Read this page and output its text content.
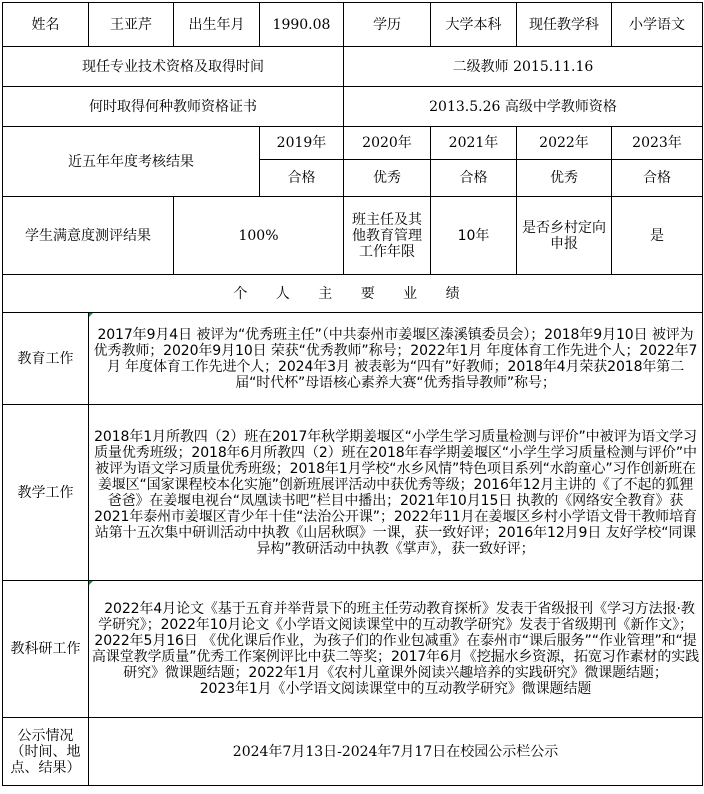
姓名	王亚芹	出生年月	1990.08	学历	大学本科	现任教学科	小学语文
现任专业技术资格及取得时间				二级教师 2015.11.16			
何时取得何种教师资格证书				2013.5.26 高级中学教师资格			
近五年年度考核结果			2019年	2020年	2021年	2022年	2023年
			合格	优秀	合格	优秀	合格
学生满意度测评结果		100%		班主任及其他教育管理工作年限	10年	是否乡村定向申报	是
个 人 主 要 业 绩							
教育工作	2017年9月4日 被评为“优秀班主任”（中共泰州市姜堰区溱溪镇委员会）；2018年9月10日 被评为优秀教师；2020年9月10日 荣获“优秀教师”称号；2022年1月 年度体育工作先进个人；2022年7月 年度体育工作先进个人；2024年3月 被表彰为“四有”好教师；2018年4月荣获2018年第二届“时代杯”母语核心素养大赛“优秀指导教师”称号；						

教学工作	2018年1月所教四（2）班在2017年秋学期姜堰区“小学生学习质量检测与评价”中被评为语文学习质量优秀班级；2018年6月所教四（2）班在2018年春学期姜堰区“小学生学习质量检测与评价”中被评为语文学习质量优秀班级；2018年1月学校“水乡风情”特色项目系列“水韵童心”习作创新班在姜堰区“国家课程校本化实施”创新班展评活动中获优秀等级；2016年12月主讲的《了不起的狐狸爸爸》在姜堰电视台“凤凰读书吧”栏目中播出；2021年10月15日 执教的《网络安全教育》获2021年泰州市姜堰区青少年十佳“法治公开课”；2022年11月在姜堰区乡村小学语文骨干教师培育站第十五次集中研训活动中执教《山居秋暝》一课，获一致好评；2016年12月9日 友好学校“同课异构”教研活动中执教《掌声》，获一致好评；						

教科研工作	2022年4月论文《基于五育并举背景下的班主任劳动教育探析》发表于省级报刊《学习方法报·教学研究》；2022年10月论文《小学语文阅读课堂中的互动教学研究》发表于省级期刊《新作文》；2022年5月16日 《优化课后作业，为孩子们的作业包减重》在泰州市“课后服务”“作业管理”和“提高课堂教学质量”优秀工作案例评比中获二等奖；2017年6月《挖掘水乡资源，拓宽习作素材的实践研究》微课题结题；2022年1月《农村儿童课外阅读兴趣培养的实践研究》微课题结题；

2023年1月《小学语文阅读课堂中的互动教学研究》微课题结题						

公示情况（时间、地点、结果）	2024年7月13日-2024年7月17日在校园公示栏公示						
